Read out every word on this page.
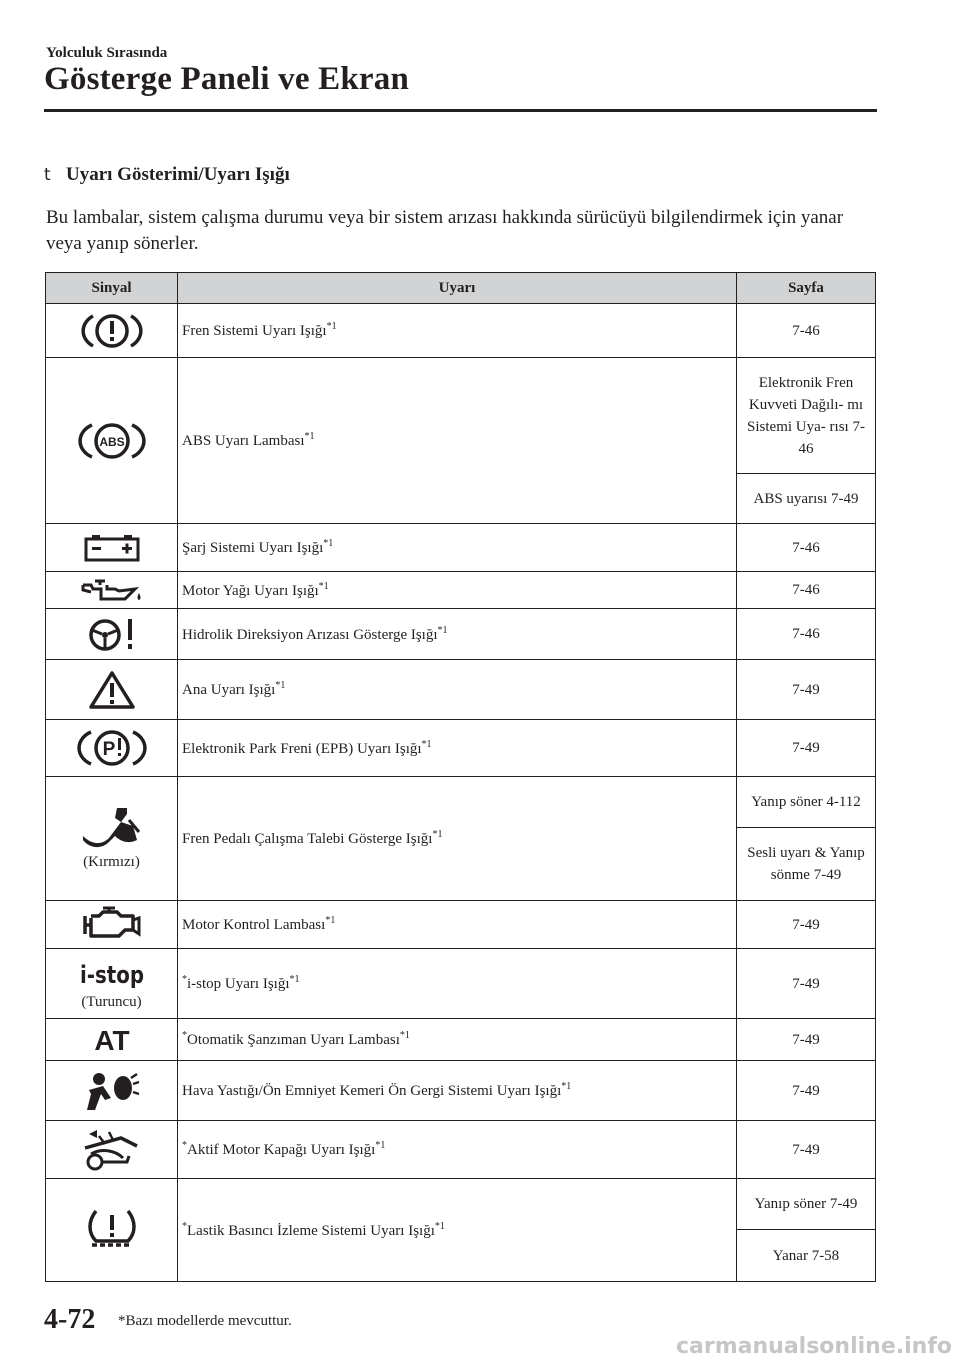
Yolculuk Sırasında
Gösterge Paneli ve Ekran
t Uyarı Gösterimi/Uyarı Işığı
Bu lambalar, sistem çalışma durumu veya bir sistem arızası hakkında sürücüyü bilgilendirmek için yanar veya yanıp sönerler.
Sinyal	Uyarı	Sayfa

	Fren Sistemi Uyarı Işığı$^{*1}$	7-46

ABS	ABS Uyarı Lambası$^{*1}$	Elektronik Fren Kuvveti Dağılı- mı Sistemi Uya- rısı 7-46
		ABS uyarısı 7-49

	Şarj Sistemi Uyarı Işığı$^{*1}$	7-46

	Motor Yağı Uyarı Işığı$^{*1}$	7-46

	Hidrolik Direksiyon Arızası Gösterge Işığı$^{*1}$	7-46

	Ana Uyarı Işığı$^{*1}$	7-49

P	Elektronik Park Freni (EPB) Uyarı Işığı$^{*1}$	7-49

(Kırmızı)	Fren Pedalı Çalışma Talebi Gösterge Işığı$^{*1}$	Yanıp söner 4-112
		Sesli uyarı & Yanıp sönme 7-49

	Motor Kontrol Lambası$^{*1}$	7-49

i-stop
(Turuncu)	*i-stop Uyarı Işığı$^{*1}$	7-49

AT	*Otomatik Şanzıman Uyarı Lambası$^{*1}$	7-49

	Hava Yastığı/Ön Emniyet Kemeri Ön Gergi Sistemi Uyarı Işığı$^{*1}$	7-49

	*Aktif Motor Kapağı Uyarı Işığı$^{*1}$	7-49

	*Lastik Basıncı İzleme Sistemi Uyarı Işığı$^{*1}$	Yanıp söner 7-49
		Yanar 7-58
4-72 *Bazı modellerde mevcuttur.
carmanualsonline.info
